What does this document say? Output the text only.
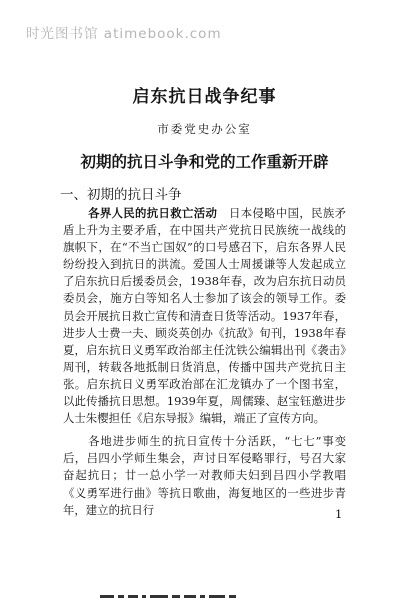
时光图书馆 atimebook.com
启东抗日战争纪事
市委党史办公室
初期的抗日斗争和党的工作重新开辟
一、初期的抗日斗争

各界人民的抗日救亡活动　 日本侵略中国，民族矛盾上升为主要矛盾，在中国共产党抗日民族统一战线的旗帜下，在“不当亡国奴”的口号感召下，启东各界人民纷纷投入到抗日的洪流。爱国人士周援谦等人发起成立了启东抗日后援委员会，1938年春，改为启东抗日动员委员会，施方白等知名人士参加了该会的领导工作。委员会开展抗日救亡宣传和清查日货等活动。1937年春，进步人士费一夫、顾炎英创办《抗敌》旬刊，1938年春夏，启东抗日义勇军政治部主任沈铁公编辑出刊《袭击》周刊，转载各地抵制日货消息，传播中国共产党抗日主张。启东抗日义勇军政治部在汇龙镇办了一个图书室，以此传播抗日思想。1939年夏，周儒臻、赵宝钰邀进步人士朱樱担任《启东导报》编辑，端正了宣传方向。

各地进步师生的抗日宣传十分活跃，“七七”事变后，吕四小学师生集会，声讨日军侵略罪行，号召大家奋起抗日；廿一总小学一对教师夫妇到吕四小学教唱《义勇军进行曲》等抗日歌曲，海复地区的一些进步青年，建立的抗日行	1
